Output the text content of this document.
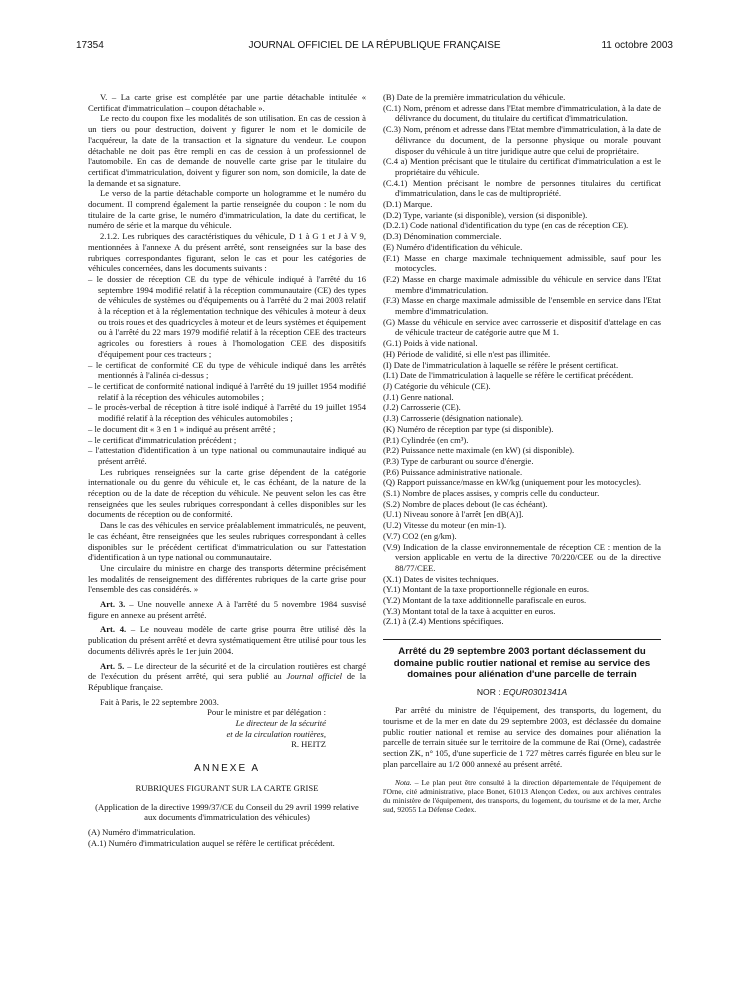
17354	JOURNAL OFFICIEL DE LA RÉPUBLIQUE FRANÇAISE	11 octobre 2003

V. – La carte grise est complétée par une partie détachable intitulée « Certificat d'immatriculation – coupon détachable ».

Le recto du coupon fixe les modalités de son utilisation. En cas de cession à un tiers ou pour destruction, doivent y figurer le nom et le domicile de l'acquéreur, la date de la transaction et la signature du vendeur. Le coupon détachable ne doit pas être rempli en cas de cession à un professionnel de l'automobile. En cas de demande de nouvelle carte grise par le titulaire du certificat d'immatriculation, doivent y figurer son nom, son domicile, la date de la demande et sa signature.

Le verso de la partie détachable comporte un hologramme et le numéro du document. Il comprend également la partie renseignée du coupon : le nom du titulaire de la carte grise, le numéro d'immatriculation, la date du certificat, le numéro de série et la marque du véhicule.

2.1.2. Les rubriques des caractéristiques du véhicule, D 1 à G 1 et J à V 9, mentionnées à l'annexe A du présent arrêté, sont renseignées sur la base des rubriques correspondantes figurant, selon le cas et pour les catégories de véhicules concernées, dans les documents suivants :

– le dossier de réception CE du type de véhicule indiqué à l'arrêté du 16 septembre 1994 modifié relatif à la réception communautaire (CE) des types de véhicules de systèmes ou d'équipements ou à l'arrêté du 2 mai 2003 relatif à la réception et à la réglementation technique des véhicules à moteur à deux ou trois roues et des quadricycles à moteur et de leurs systèmes et équipement ou à l'arrêté du 22 mars 1979 modifié relatif à la réception CEE des tracteurs agricoles ou forestiers à roues à l'homologation CEE des dispositifs d'équipement pour ces tracteurs ;
– le certificat de conformité CE du type de véhicule indiqué dans les arrêtés mentionnés à l'alinéa ci-dessus ;
– le certificat de conformité national indiqué à l'arrêté du 19 juillet 1954 modifié relatif à la réception des véhicules automobiles ;
– le procès-verbal de réception à titre isolé indiqué à l'arrêté du 19 juillet 1954 modifié relatif à la réception des véhicules automobiles ;
– le document dit « 3 en 1 » indiqué au présent arrêté ;
– le certificat d'immatriculation précédent ;
– l'attestation d'identification à un type national ou communautaire indiqué au présent arrêté.

Les rubriques renseignées sur la carte grise dépendent de la catégorie internationale ou du genre du véhicule et, le cas échéant, de la nature de la réception ou de la date de réception du véhicule. Ne peuvent selon les cas être renseignées que les seules rubriques correspondant à celles disponibles sur les documents de réception ou de conformité.

Dans le cas des véhicules en service préalablement immatriculés, ne peuvent, le cas échéant, être renseignées que les seules rubriques correspondant à celles disponibles sur le précédent certificat d'immatriculation ou sur l'attestation d'identification à un type national ou communautaire.

Une circulaire du ministre en charge des transports détermine précisément les modalités de renseignement des différentes rubriques de la carte grise pour l'ensemble des cas considérés. »

Art. 3. – Une nouvelle annexe A à l'arrêté du 5 novembre 1984 susvisé figure en annexe au présent arrêté.

Art. 4. – Le nouveau modèle de carte grise pourra être utilisé dès la publication du présent arrêté et devra systématiquement être utilisé pour tous les documents délivrés après le 1er juin 2004.

Art. 5. – Le directeur de la sécurité et de la circulation routières est chargé de l'exécution du présent arrêté, qui sera publié au Journal officiel de la République française.

Fait à Paris, le 22 septembre 2003.

Pour le ministre et par délégation :

Le directeur de la sécurité

et de la circulation routières,

R. HEITZ

ANNEXE A

RUBRIQUES FIGURANT SUR LA CARTE GRISE

(Application de la directive 1999/37/CE du Conseil du 29 avril 1999 relative aux documents d'immatriculation des véhicules)

(A) Numéro d'immatriculation.

(A.1) Numéro d'immatriculation auquel se réfère le certificat précédent.

(B) Date de la première immatriculation du véhicule.

(C.1) Nom, prénom et adresse dans l'Etat membre d'immatriculation, à la date de délivrance du document, du titulaire du certificat d'immatriculation.

(C.3) Nom, prénom et adresse dans l'Etat membre d'immatriculation, à la date de délivrance du document, de la personne physique ou morale pouvant disposer du véhicule à un titre juridique autre que celui de propriétaire.

(C.4 a) Mention précisant que le titulaire du certificat d'immatriculation a est le propriétaire du véhicule.

(C.4.1) Mention précisant le nombre de personnes titulaires du certificat d'immatriculation, dans le cas de multipropriété.

(D.1) Marque.

(D.2) Type, variante (si disponible), version (si disponible).

(D.2.1) Code national d'identification du type (en cas de réception CE).

(D.3) Dénomination commerciale.

(E) Numéro d'identification du véhicule.

(F.1) Masse en charge maximale techniquement admissible, sauf pour les motocycles.

(F.2) Masse en charge maximale admissible du véhicule en service dans l'Etat membre d'immatriculation.

(F.3) Masse en charge maximale admissible de l'ensemble en service dans l'Etat membre d'immatriculation.

(G) Masse du véhicule en service avec carrosserie et dispositif d'attelage en cas de véhicule tracteur de catégorie autre que M 1.

(G.1) Poids à vide national.

(H) Période de validité, si elle n'est pas illimitée.

(I) Date de l'immatriculation à laquelle se réfère le présent certificat.

(I.1) Date de l'immatriculation à laquelle se réfère le certificat précédent.

(J) Catégorie du véhicule (CE).

(J.1) Genre national.

(J.2) Carrosserie (CE).

(J.3) Carrosserie (désignation nationale).

(K) Numéro de réception par type (si disponible).

(P.1) Cylindrée (en cm³).

(P.2) Puissance nette maximale (en kW) (si disponible).

(P.3) Type de carburant ou source d'énergie.

(P.6) Puissance administrative nationale.

(Q) Rapport puissance/masse en kW/kg (uniquement pour les motocycles).

(S.1) Nombre de places assises, y compris celle du conducteur.

(S.2) Nombre de places debout (le cas échéant).

(U.1) Niveau sonore à l'arrêt [en dB(A)].

(U.2) Vitesse du moteur (en min-1).

(V.7) CO2 (en g/km).

(V.9) Indication de la classe environnementale de réception CE : mention de la version applicable en vertu de la directive 70/220/CEE ou de la directive 88/77/CEE.

(X.1) Dates de visites techniques.

(Y.1) Montant de la taxe proportionnelle régionale en euros.

(Y.2) Montant de la taxe additionnelle parafiscale en euros.

(Y.3) Montant total de la taxe à acquitter en euros.

(Z.1) à (Z.4) Mentions spécifiques.

Arrêté du 29 septembre 2003 portant déclassement du domaine public routier national et remise au service des domaines pour aliénation d'une parcelle de terrain

NOR : EQUR0301341A

Par arrêté du ministre de l'équipement, des transports, du logement, du tourisme et de la mer en date du 29 septembre 2003, est déclassée du domaine public routier national et remise au service des domaines pour aliénation la parcelle de terrain située sur le territoire de la commune de Rai (Orne), cadastrée section ZK, n° 105, d'une superficie de 1 727 mètres carrés figurée en bleu sur le plan parcellaire au 1/2 000 annexé au présent arrêté.

Nota. – Le plan peut être consulté à la direction départementale de l'équipement de l'Orne, cité administrative, place Bonet, 61013 Alençon Cedex, ou aux archives centrales du ministère de l'équipement, des transports, du logement, du tourisme et de la mer, Arche sud, 92055 La Défense Cedex.
